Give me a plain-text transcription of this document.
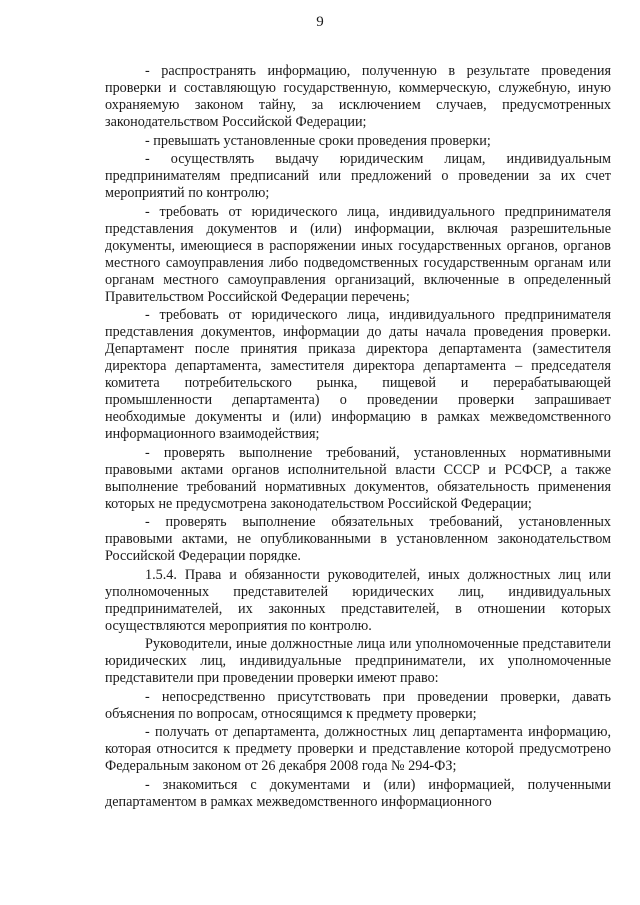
9

- распространять информацию, полученную в результате проведения проверки и составляющую государственную, коммерческую, служебную, иную охраняемую законом тайну, за исключением случаев, предусмотренных законодательством Российской Федерации;

- превышать установленные сроки проведения проверки;

- осуществлять выдачу юридическим лицам, индивидуальным предпринимателям предписаний или предложений о проведении за их счет мероприятий по контролю;

- требовать от юридического лица, индивидуального предпринимателя представления документов и (или) информации, включая разрешительные документы, имеющиеся в распоряжении иных государственных органов, органов местного самоуправления либо подведомственных государственным органам или органам местного самоуправления организаций, включенные в определенный Правительством Российской Федерации перечень;

- требовать от юридического лица, индивидуального предпринимателя представления документов, информации до даты начала проведения проверки. Департамент после принятия приказа директора департамента (заместителя директора департамента, заместителя директора департамента – председателя комитета потребительского рынка, пищевой и перерабатывающей промышленности департамента) о проведении проверки запрашивает необходимые документы и (или) информацию в рамках межведомственного информационного взаимодействия;

- проверять выполнение требований, установленных нормативными правовыми актами органов исполнительной власти СССР и РСФСР, а также выполнение требований нормативных документов, обязательность применения которых не предусмотрена законодательством Российской Федерации;

- проверять выполнение обязательных требований, установленных правовыми актами, не опубликованными в установленном законодательством Российской Федерации порядке.

1.5.4. Права и обязанности руководителей, иных должностных лиц или уполномоченных представителей юридических лиц, индивидуальных предпринимателей, их законных представителей, в отношении которых осуществляются мероприятия по контролю.

Руководители, иные должностные лица или уполномоченные представители юридических лиц, индивидуальные предприниматели, их уполномоченные представители при проведении проверки имеют право:

- непосредственно присутствовать при проведении проверки, давать объяснения по вопросам, относящимся к предмету проверки;

- получать от департамента, должностных лиц департамента информацию, которая относится к предмету проверки и представление которой предусмотрено Федеральным законом от 26 декабря 2008 года № 294-ФЗ;

- знакомиться с документами и (или) информацией, полученными департаментом в рамках межведомственного информационного
